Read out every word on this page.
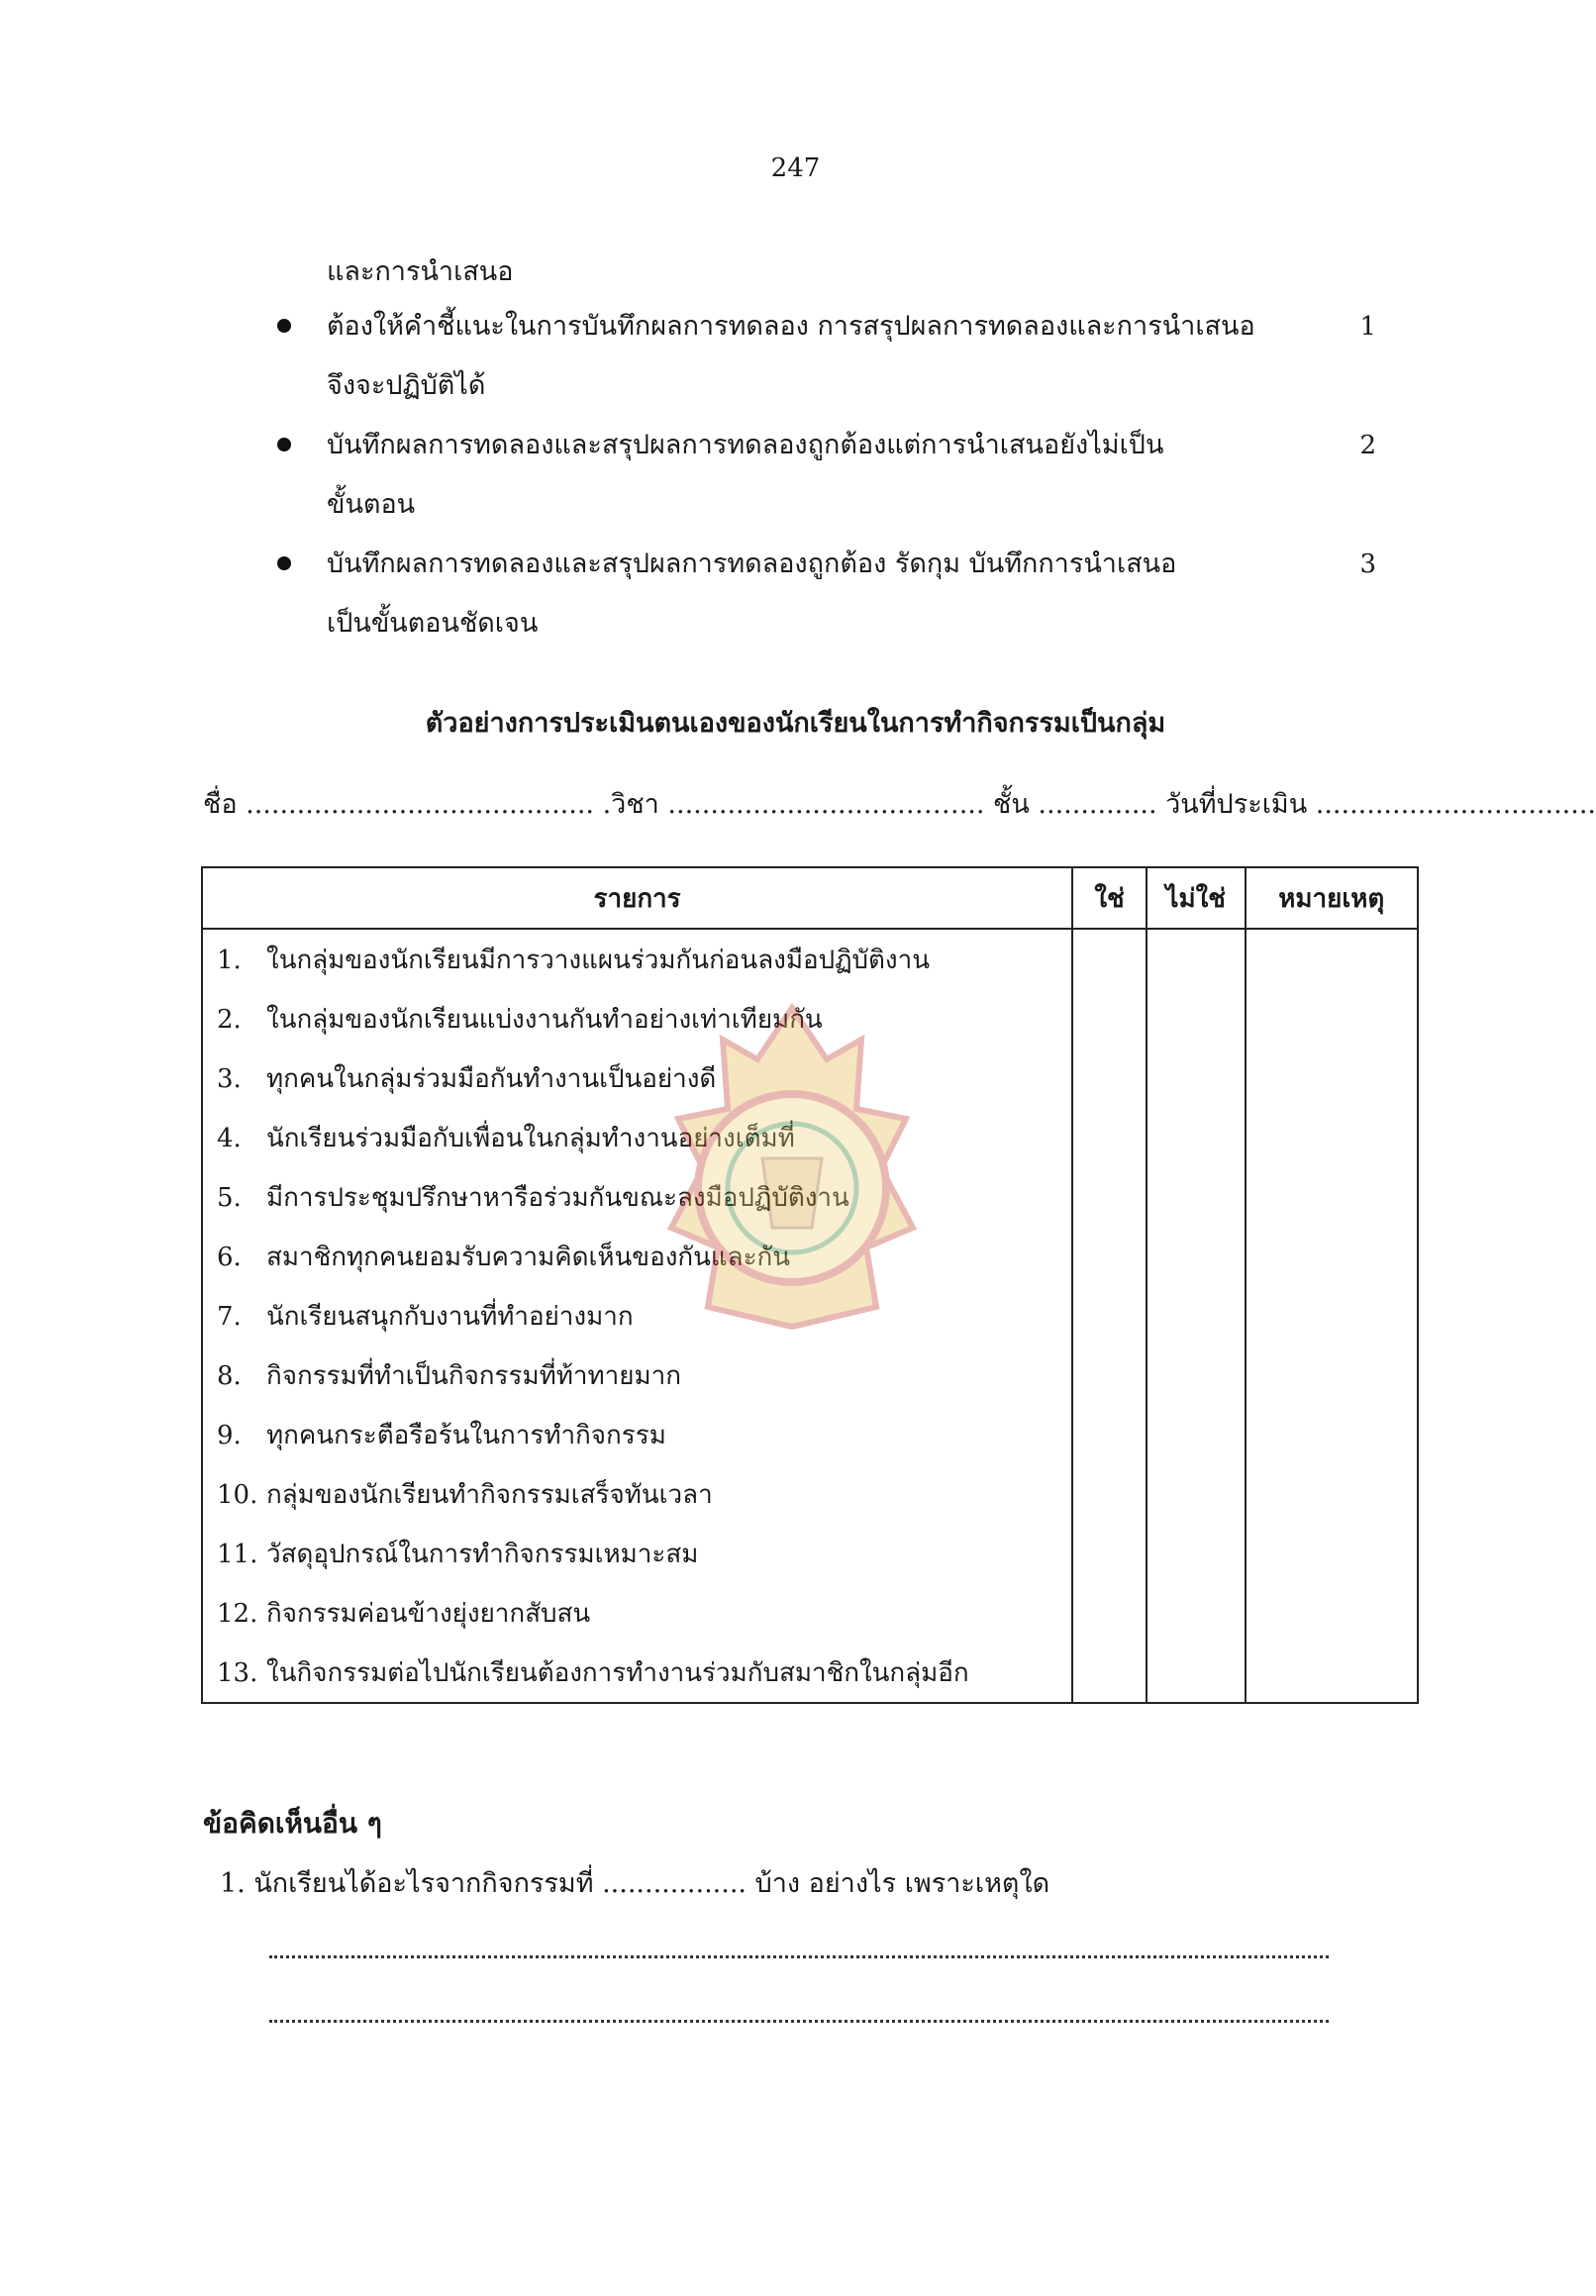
247
และการนำเสนอ
ต้องให้คำชี้แนะในการบันทึกผลการทดลอง การสรุปผลการทดลองและการนำเสนอ
จึงจะปฏิบัติได้
1
บันทึกผลการทดลองและสรุปผลการทดลองถูกต้องแต่การนำเสนอยังไม่เป็น
ขั้นตอน
2
บันทึกผลการทดลองและสรุปผลการทดลองถูกต้อง รัดกุม บันทึกการนำเสนอ
เป็นขั้นตอนชัดเจน
3
ตัวอย่างการประเมินตนเองของนักเรียนในการทำกิจกรรมเป็นกลุ่ม
ชื่อ ......................................... .วิชา ............................……... ชั้น .............. วันที่ประเมิน .................................
รายการ	ใช่	ไม่ใช่	หมายเหตุ
1. ในกลุ่มของนักเรียนมีการวางแผนร่วมกันก่อนลงมือปฏิบัติงาน			
2. ในกลุ่มของนักเรียนแบ่งงานกันทำอย่างเท่าเทียมกัน			
3. ทุกคนในกลุ่มร่วมมือกันทำงานเป็นอย่างดี			
4. นักเรียนร่วมมือกับเพื่อนในกลุ่มทำงานอย่างเต็มที่			
5. มีการประชุมปรึกษาหารือร่วมกันขณะลงมือปฏิบัติงาน			
6. สมาชิกทุกคนยอมรับความคิดเห็นของกันและกัน			
7. นักเรียนสนุกกับงานที่ทำอย่างมาก			
8. กิจกรรมที่ทำเป็นกิจกรรมที่ท้าทายมาก			
9. ทุกคนกระตือรือร้นในการทำกิจกรรม			
10. กลุ่มของนักเรียนทำกิจกรรมเสร็จทันเวลา			
11. วัสดุอุปกรณ์ในการทำกิจกรรมเหมาะสม			
12. กิจกรรมค่อนข้างยุ่งยากสับสน			
13. ในกิจกรรมต่อไปนักเรียนต้องการทำงานร่วมกับสมาชิกในกลุ่มอีก			
ข้อคิดเห็นอื่น ๆ
1. นักเรียนได้อะไรจากกิจกรรมที่ ................. บ้าง อย่างไร เพราะเหตุใด
